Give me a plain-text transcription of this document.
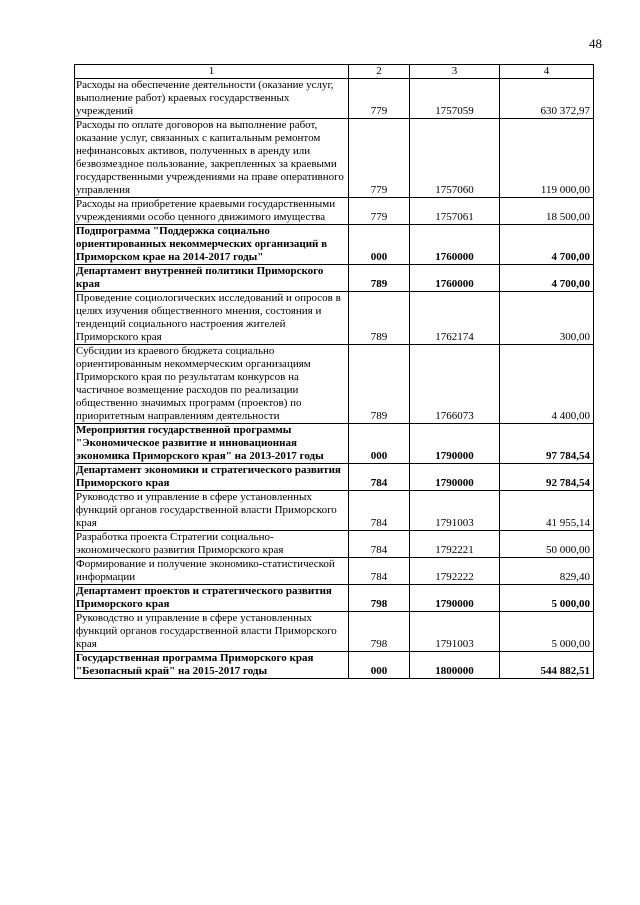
48
1	2	3	4
Расходы на обеспечение деятельности (оказание услуг, выполнение работ) краевых государственных учреждений	779	1757059	630 372,97
Расходы по оплате договоров на выполнение работ, оказание услуг, связанных с капитальным ремонтом нефинансовых активов, полученных в аренду или безвозмездное пользование, закрепленных за краевыми государственными учреждениями на праве оперативного управления	779	1757060	119 000,00
Расходы на приобретение краевыми государственными учреждениями особо ценного движимого имущества	779	1757061	18 500,00
Подпрограмма "Поддержка социально ориентированных некоммерческих организаций в Приморском крае на 2014-2017 годы"	000	1760000	4 700,00
Департамент внутренней политики Приморского края	789	1760000	4 700,00
Проведение социологических исследований и опросов в целях изучения общественного мнения, состояния и тенденций социального настроения жителей Приморского края	789	1762174	300,00
Субсидии из краевого бюджета социально ориентированным некоммерческим организациям Приморского края по результатам конкурсов на частичное возмещение расходов по реализации общественно значимых программ (проектов) по приоритетным направлениям деятельности	789	1766073	4 400,00
Мероприятия государственной программы "Экономическое развитие и инновационная экономика Приморского края" на 2013-2017 годы	000	1790000	97 784,54
Департамент экономики и стратегического развития Приморского края	784	1790000	92 784,54
Руководство и управление в сфере установленных функций органов государственной власти Приморского края	784	1791003	41 955,14
Разработка проекта Стратегии социально-экономического развития Приморского края	784	1792221	50 000,00
Формирование и получение экономико-статистической информации	784	1792222	829,40
Департамент проектов и стратегического развития Приморского края	798	1790000	5 000,00
Руководство и управление в сфере установленных функций органов государственной власти Приморского края	798	1791003	5 000,00
Государственная программа Приморского края "Безопасный край" на 2015-2017 годы	000	1800000	544 882,51
